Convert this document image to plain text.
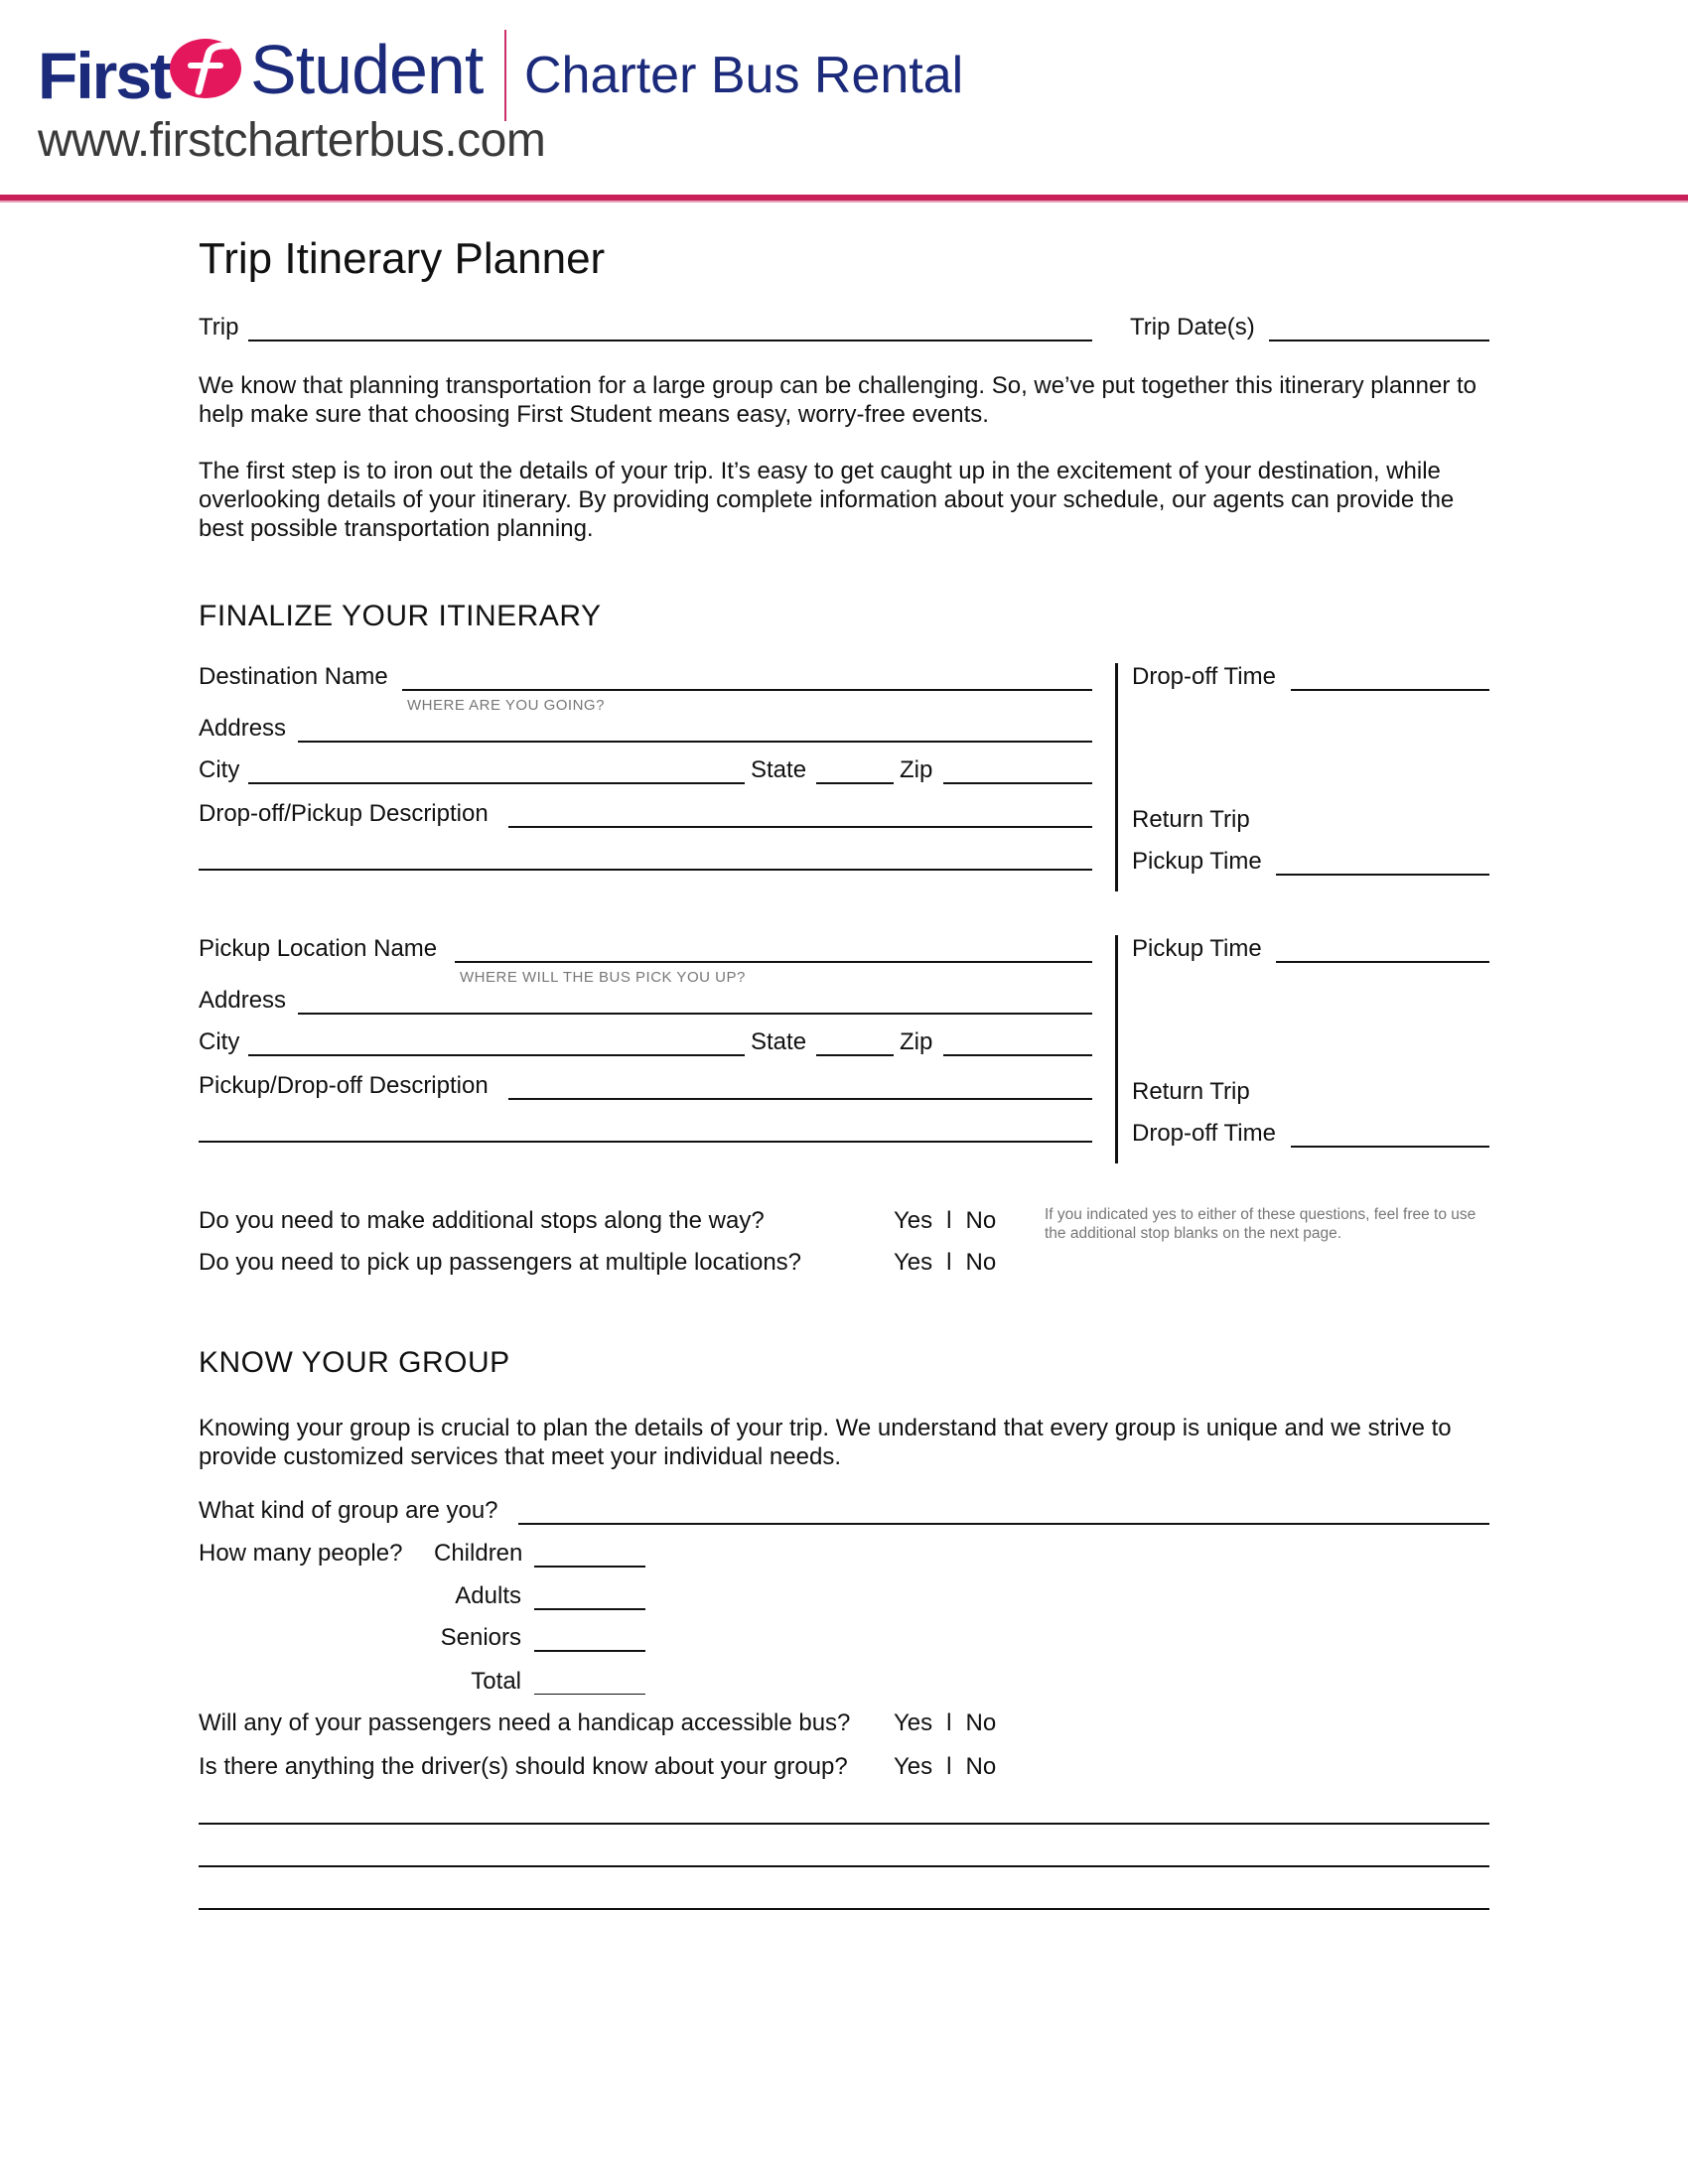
First Student Charter Bus Rental
www.firstcharterbus.com
Trip Itinerary Planner
Trip	Trip Date(s)
We know that planning transportation for a large group can be challenging. So, we’ve put together this itinerary planner to help make sure that choosing First Student means easy, worry-free events.
The first step is to iron out the details of your trip. It’s easy to get caught up in the excitement of your destination, while overlooking details of your itinerary. By providing complete information about your schedule, our agents can provide the best possible transportation planning.
FINALIZE YOUR ITINERARY
Destination Name
WHERE ARE YOU GOING?
Address
City	State	Zip
Drop-off/Pickup Description
Drop-off Time
Return Trip
Pickup Time
Pickup Location Name
WHERE WILL THE BUS PICK YOU UP?
Address
City	State	Zip
Pickup/Drop-off Description
Pickup Time
Return Trip
Drop-off Time
Do you need to make additional stops along the way?	Yes l No
Do you need to pick up passengers at multiple locations?	Yes l No
If you indicated yes to either of these questions, feel free to use the additional stop blanks on the next page.
KNOW YOUR GROUP
Knowing your group is crucial to plan the details of your trip. We understand that every group is unique and we strive to provide customized services that meet your individual needs.
What kind of group are you?
How many people? Children
Adults
Seniors
Total
Will any of your passengers need a handicap accessible bus? Yes l No
Is there anything the driver(s) should know about your group? Yes l No
